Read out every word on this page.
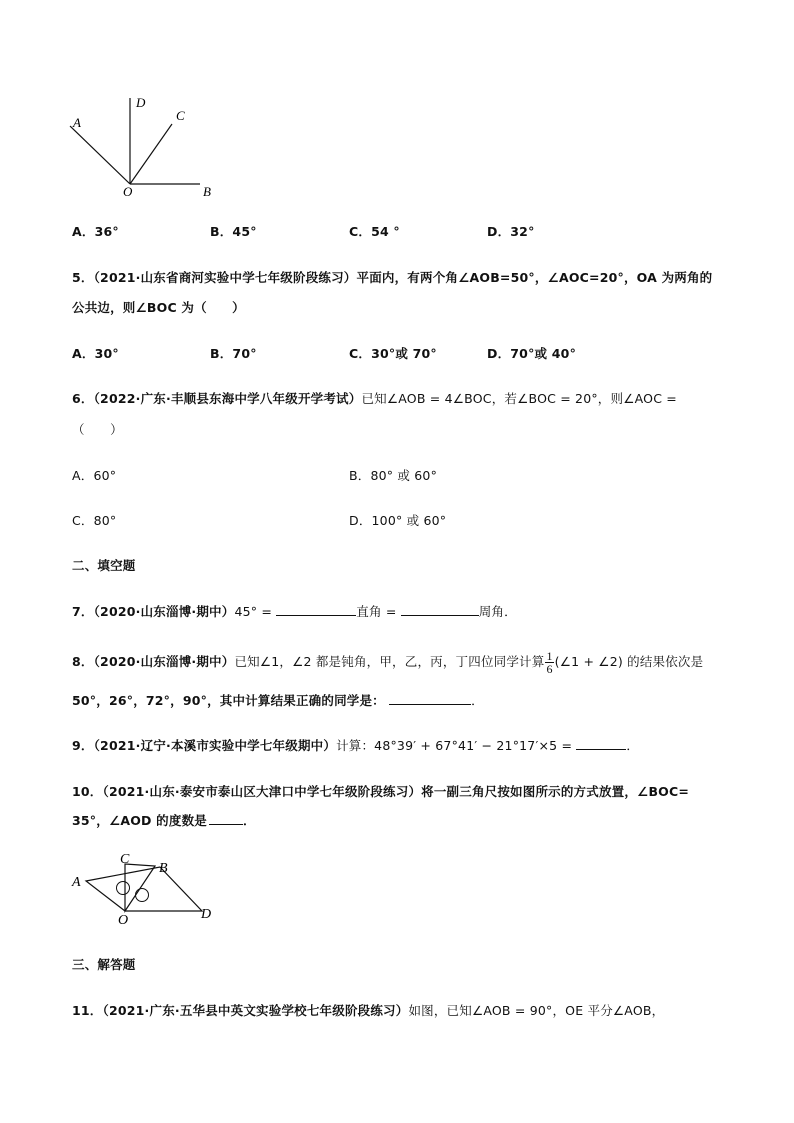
A
D
C
O	B
A．36°	B．45°	C．54 °	D．32°
5．（2021·山东省商河实验中学七年级阶段练习）平面内，有两个角∠AOB=50°，∠AOC=20°，OA 为两角的
公共边，则∠BOC 为（　　）
A．30°	B．70°	C．30°或 70°	D．70°或 40°
6．（2022·广东·丰顺县东海中学八年级开学考试）已知∠AOB = 4∠BOC，若∠BOC = 20°，则∠AOC =
（　　）
A．60°	B．80° 或 60°
C．80°	D．100° 或 60°
二、填空题
7．（2020·山东淄博·期中）45° =	直角 =	周角．
8．（2020·山东淄博·期中）已知∠1，∠2 都是钝角，甲，乙，丙，丁四位同学计算 $\frac{1}{6}$ (∠1 + ∠2) 的结果依次是
50°，26°，72°，90°，其中计算结果正确的同学是：	．
9．（2021·辽宁·本溪市实验中学七年级期中）计算：48°39′ + 67°41′ − 21°17′×5 =	．
10．（2021·山东·泰安市泰山区大津口中学七年级阶段练习）将一副三角尺按如图所示的方式放置，∠BOC=
35°，∠AOD 的度数是	．
A
C
B
O	D
三、解答题
11．（2021·广东·五华县中英文实验学校七年级阶段练习）如图，已知∠AOB = 90°，OE 平分∠AOB，
